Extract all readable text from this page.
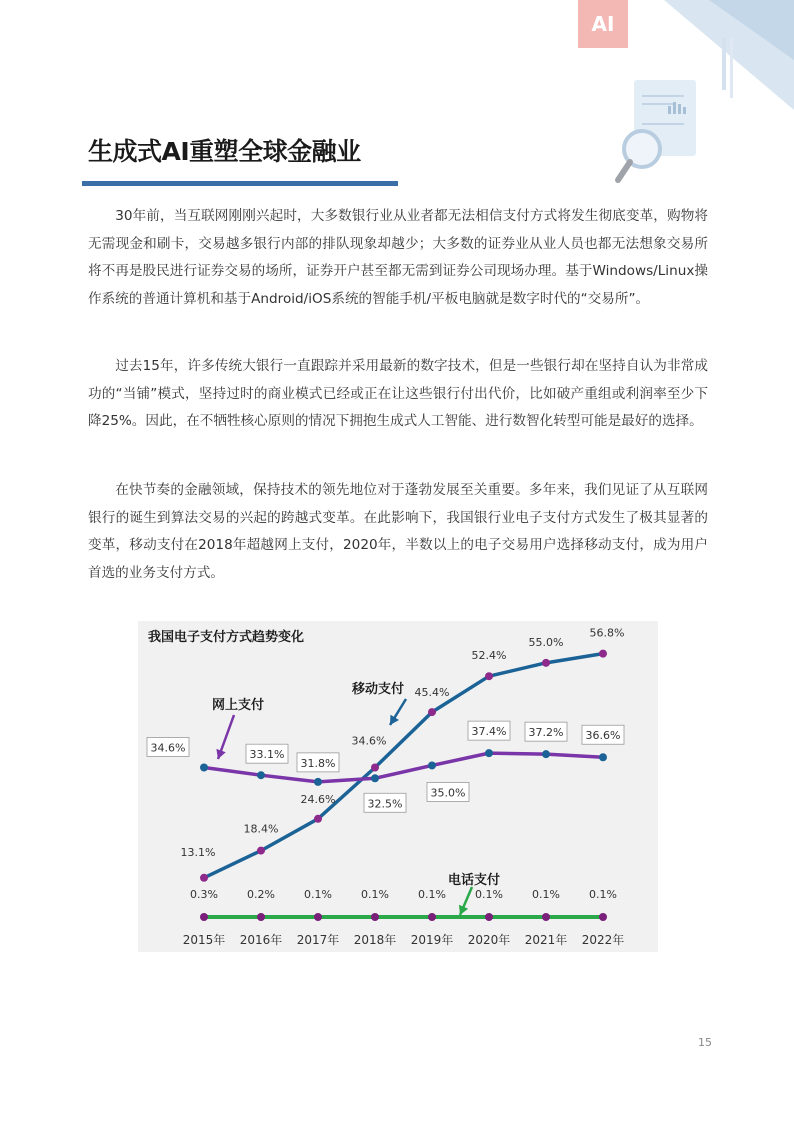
AI
生成式AI重塑全球金融业

30年前，当互联网刚刚兴起时，大多数银行业从业者都无法相信支付方式将发生彻底变革，购物将无需现金和刷卡，交易越多银行内部的排队现象却越少；大多数的证券业从业人员也都无法想象交易所将不再是股民进行证券交易的场所，证券开户甚至都无需到证券公司现场办理。基于Windows/Linux操作系统的普通计算机和基于Android/iOS系统的智能手机/平板电脑就是数字时代的“交易所”。

过去15年，许多传统大银行一直跟踪并采用最新的数字技术，但是一些银行却在坚持自认为非常成功的“当铺”模式，坚持过时的商业模式已经或正在让这些银行付出代价，比如破产重组或利润率至少下降25%。因此，在不牺牲核心原则的情况下拥抱生成式人工智能、进行数智化转型可能是最好的选择。

在快节奏的金融领域，保持技术的领先地位对于蓬勃发展至关重要。多年来，我们见证了从互联网银行的诞生到算法交易的兴起的跨越式变革。在此影响下，我国银行业电子支付方式发生了极其显著的变革，移动支付在2018年超越网上支付，2020年，半数以上的电子交易用户选择移动支付，成为用户首选的业务支付方式。

我国电子支付方式趋势变化
13.1%
18.4%
24.6%
34.6%
45.4%
52.4%
55.0%
56.8%
34.6%
33.1%
31.8%
32.5%
35.0%
37.4% 37.2% 36.6%
0.3%	0.2%	0.1%	0.1%	0.1%	0.1%	0.1%	0.1%
移动支付
网上支付
电话支付
2015年 2016年 2017年 2018年 2019年 2020年 2021年 2022年
15
